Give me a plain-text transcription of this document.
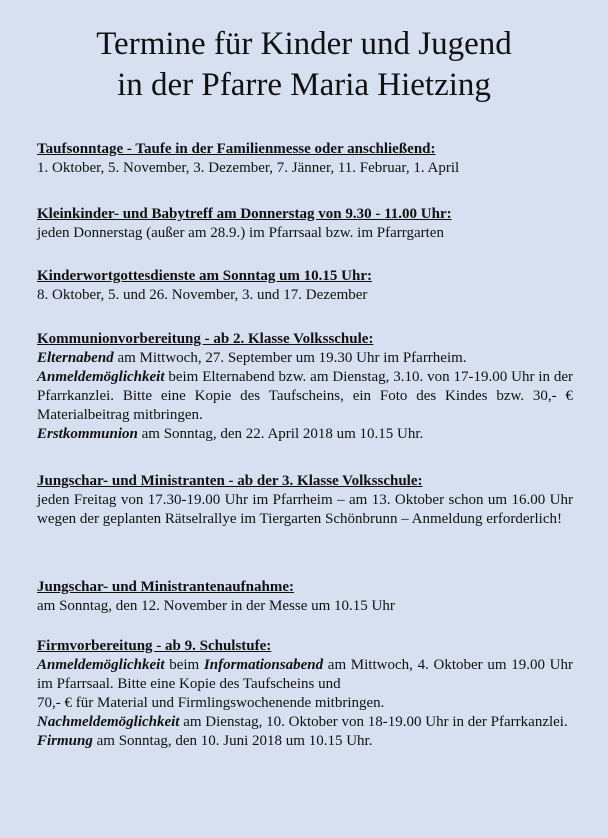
Termine für Kinder und Jugend
in der Pfarre Maria Hietzing
Taufsonntage - Taufe in der Familienmesse oder anschließend:
1. Oktober, 5. November, 3. Dezember, 7. Jänner, 11. Februar, 1. April
Kleinkinder- und Babytreff am Donnerstag von 9.30 - 11.00 Uhr:
jeden Donnerstag (außer am 28.9.) im Pfarrsaal bzw. im Pfarrgarten
Kinderwortgottesdienste am Sonntag um 10.15 Uhr:
8. Oktober, 5. und 26. November, 3. und 17. Dezember
Kommunionvorbereitung - ab 2. Klasse Volksschule:
Elternabend am Mittwoch, 27. September um 19.30 Uhr im Pfarrheim.
Anmeldemöglichkeit beim Elternabend bzw. am Dienstag, 3.10. von 17-19.00 Uhr in der Pfarrkanzlei. Bitte eine Kopie des Taufscheins, ein Foto des Kindes bzw. 30,- € Materialbeitrag mitbringen.
Erstkommunion am Sonntag, den 22. April 2018 um 10.15 Uhr.
Jungschar- und Ministranten - ab der 3. Klasse Volksschule:
jeden Freitag von 17.30-19.00 Uhr im Pfarrheim – am 13. Oktober schon um 16.00 Uhr wegen der geplanten Rätselrallye im Tiergarten Schönbrunn – Anmeldung erforderlich!
Jungschar- und Ministrantenaufnahme:
am Sonntag, den 12. November in der Messe um 10.15 Uhr
Firmvorbereitung - ab 9. Schulstufe:
Anmeldemöglichkeit beim Informationsabend am Mittwoch, 4. Oktober um 19.00 Uhr im Pfarrsaal. Bitte eine Kopie des Taufscheins und
70,- € für Material und Firmlingswochenende mitbringen.
Nachmeldemöglichkeit am Dienstag, 10. Oktober von 18-19.00 Uhr in der Pfarrkanzlei.
Firmung am Sonntag, den 10. Juni 2018 um 10.15 Uhr.
